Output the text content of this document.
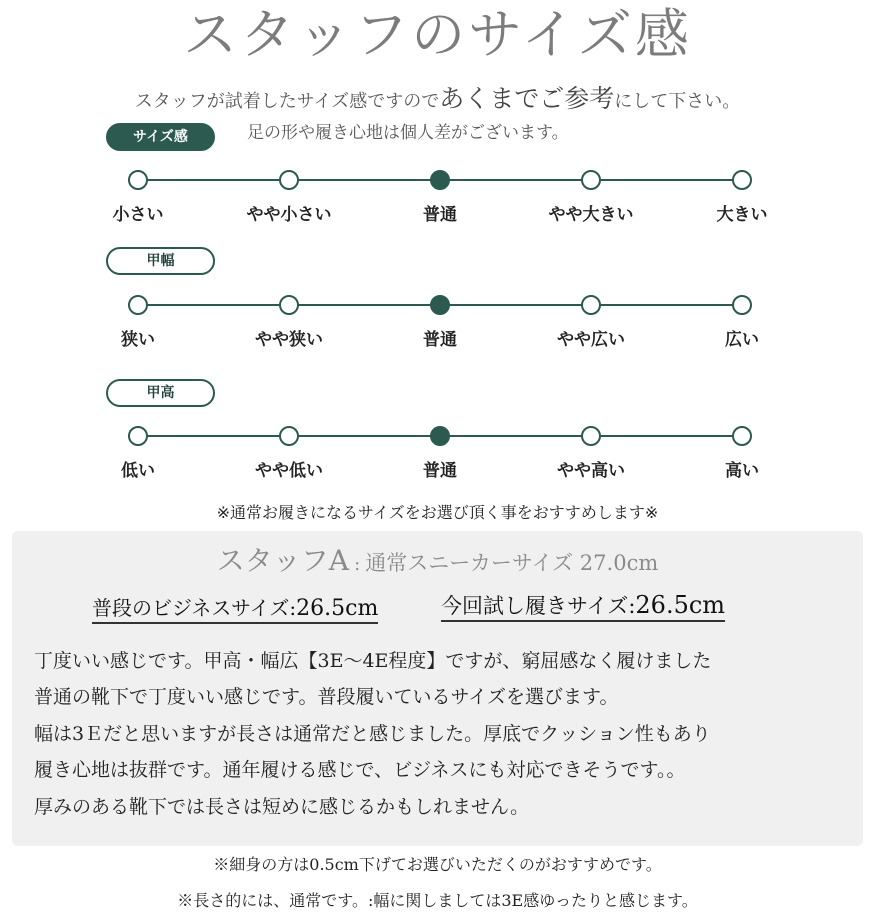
スタッフのサイズ感
スタッフが試着したサイズ感ですのであくまでご参考にして下さい。
足の形や履き心地は個人差がございます。
サイズ感
小さい	やや小さい	普通	やや大きい	大きい
甲幅
狭い	やや狭い	普通	やや広い	広い
甲高
低い	やや低い	普通	やや高い	高い
※通常お履きになるサイズをお選び頂く事をおすすめします※
スタッフA : 通常スニーカーサイズ 27.0cm
普段のビジネスサイズ:26.5cm	今回試し履きサイズ:26.5cm
丁度いい感じです。甲高・幅広【3E～4E程度】ですが、窮屈感なく履けました
普通の靴下で丁度いい感じです。普段履いているサイズを選びます。
幅は3Ｅだと思いますが長さは通常だと感じました。厚底でクッション性もあり
履き心地は抜群です。通年履ける感じで、ビジネスにも対応できそうです。。
厚みのある靴下では長さは短めに感じるかもしれません。
※細身の方は0.5cm下げてお選びいただくのがおすすめです。
※長さ的には、通常です。:幅に関しましては3E感ゆったりと感じます。
